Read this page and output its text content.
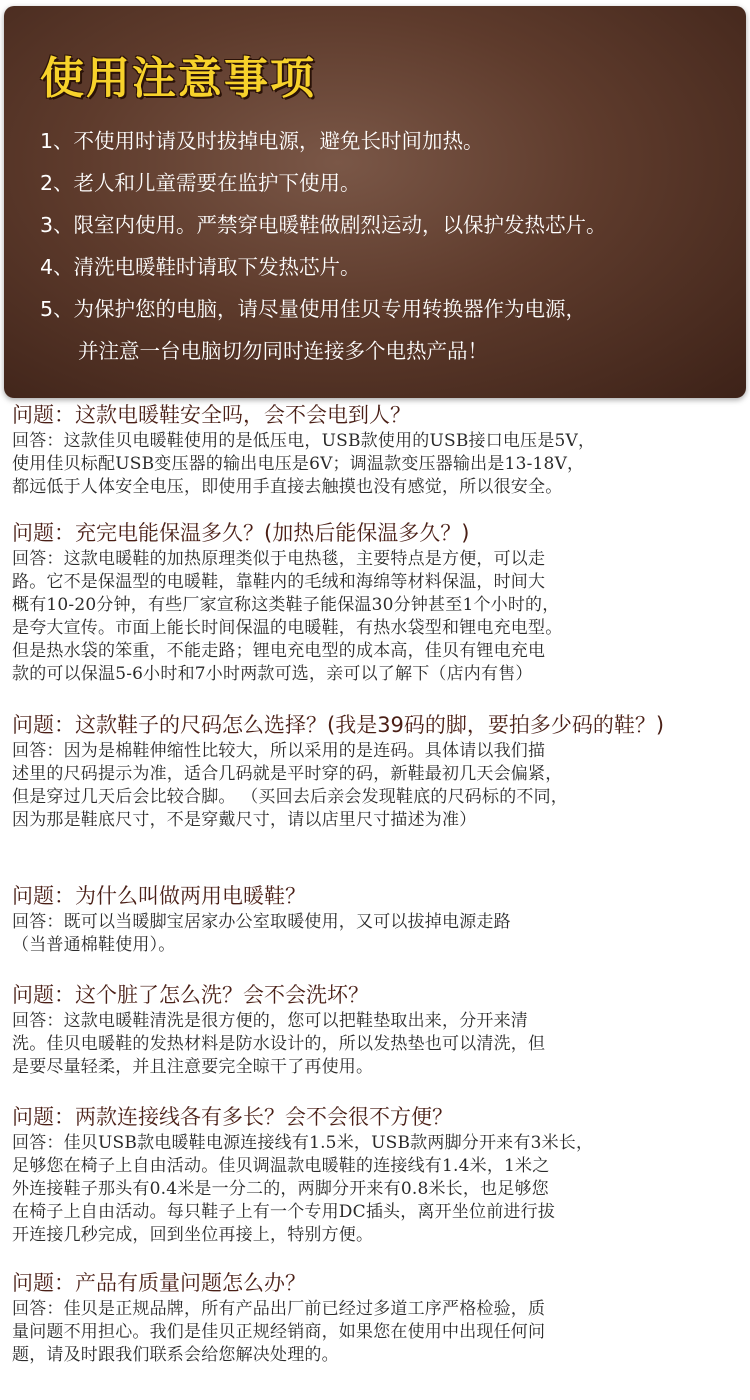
使用注意事项
1、不使用时请及时拔掉电源，避免长时间加热。
2、老人和儿童需要在监护下使用。
3、限室内使用。严禁穿电暖鞋做剧烈运动，以保护发热芯片。
4、清洗电暖鞋时请取下发热芯片。
5、为保护您的电脑，请尽量使用佳贝专用转换器作为电源，
并注意一台电脑切勿同时连接多个电热产品！

问题：这款电暖鞋安全吗，会不会电到人？

回答：这款佳贝电暖鞋使用的是低压电，USB款使用的USB接口电压是5V，
使用佳贝标配USB变压器的输出电压是6V；调温款变压器输出是13-18V，
都远低于人体安全电压，即使用手直接去触摸也没有感觉，所以很安全。

问题：充完电能保温多久？(加热后能保温多久？)

回答：这款电暖鞋的加热原理类似于电热毯，主要特点是方便，可以走
路。它不是保温型的电暖鞋，靠鞋内的毛绒和海绵等材料保温，时间大
概有10-20分钟，有些厂家宣称这类鞋子能保温30分钟甚至1个小时的，
是夸大宣传。市面上能长时间保温的电暖鞋，有热水袋型和锂电充电型。
但是热水袋的笨重，不能走路；锂电充电型的成本高，佳贝有锂电充电
款的可以保温5-6小时和7小时两款可选，亲可以了解下（店内有售）

问题：这款鞋子的尺码怎么选择？(我是39码的脚，要拍多少码的鞋？)

回答：因为是棉鞋伸缩性比较大，所以采用的是连码。具体请以我们描
述里的尺码提示为准，适合几码就是平时穿的码，新鞋最初几天会偏紧，
但是穿过几天后会比较合脚。 （买回去后亲会发现鞋底的尺码标的不同，
因为那是鞋底尺寸，不是穿戴尺寸，请以店里尺寸描述为准）

问题：为什么叫做两用电暖鞋？

回答：既可以当暖脚宝居家办公室取暖使用，又可以拔掉电源走路
（当普通棉鞋使用）。

问题：这个脏了怎么洗？会不会洗坏？

回答：这款电暖鞋清洗是很方便的，您可以把鞋垫取出来，分开来清
洗。佳贝电暖鞋的发热材料是防水设计的，所以发热垫也可以清洗，但
是要尽量轻柔，并且注意要完全晾干了再使用。

问题：两款连接线各有多长？会不会很不方便？

回答：佳贝USB款电暖鞋电源连接线有1.5米，USB款两脚分开来有3米长，
足够您在椅子上自由活动。佳贝调温款电暖鞋的连接线有1.4米，1米之
外连接鞋子那头有0.4米是一分二的，两脚分开来有0.8米长，也足够您
在椅子上自由活动。每只鞋子上有一个专用DC插头，离开坐位前进行拔
开连接几秒完成，回到坐位再接上，特别方便。

问题：产品有质量问题怎么办？

回答：佳贝是正规品牌，所有产品出厂前已经过多道工序严格检验，质
量问题不用担心。我们是佳贝正规经销商，如果您在使用中出现任何问
题，请及时跟我们联系会给您解决处理的。
